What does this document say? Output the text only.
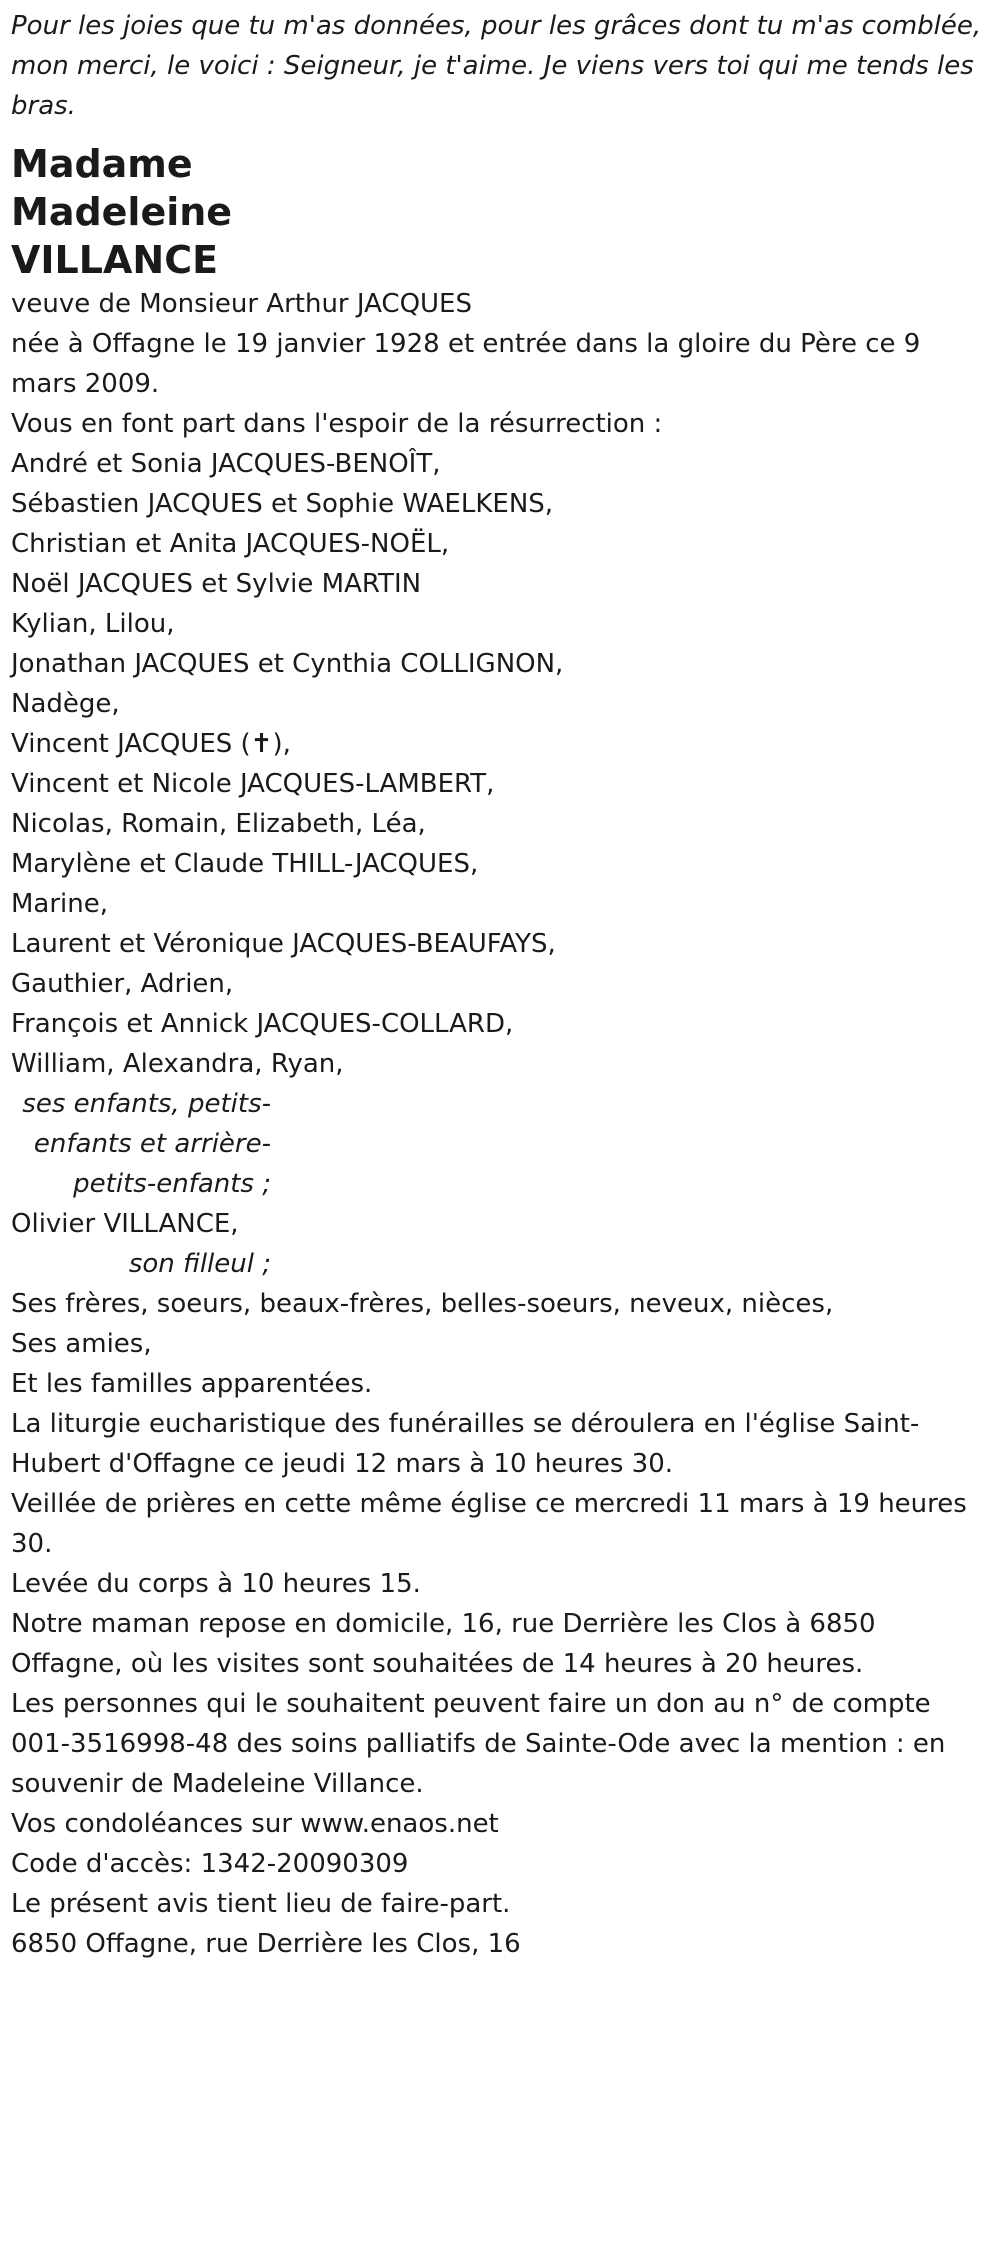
Pour les joies que tu m'as données, pour les grâces dont tu m'as comblée,

mon merci, le voici : Seigneur, je t'aime. Je viens vers toi qui me tends les bras.

Madame
Madeleine
VILLANCE

veuve de Monsieur Arthur JACQUES

née à Offagne le 19 janvier 1928 et entrée dans la gloire du Père ce 9 mars 2009.

Vous en font part dans l'espoir de la résurrection :

André et Sonia JACQUES-BENOÎT,
Sébastien JACQUES et Sophie WAELKENS,
Christian et Anita JACQUES-NOËL,
Noël JACQUES et Sylvie MARTIN
Kylian, Lilou,
Jonathan JACQUES et Cynthia COLLIGNON,
Nadège,
Vincent JACQUES (✝),
Vincent et Nicole JACQUES-LAMBERT,
Nicolas, Romain, Elizabeth, Léa,
Marylène et Claude THILL-JACQUES,
Marine,
Laurent et Véronique JACQUES-BEAUFAYS,
Gauthier, Adrien,
François et Annick JACQUES-COLLARD,
William, Alexandra, Ryan,

ses enfants, petits-enfants et arrière-petits-enfants ;

Olivier VILLANCE,

son filleul ;

Ses frères, soeurs, beaux-frères, belles-soeurs, neveux, nièces,
Ses amies,
Et les familles apparentées.

La liturgie eucharistique des funérailles se déroulera en l'église Saint-Hubert d'Offagne ce jeudi 12 mars à 10 heures 30.

Veillée de prières en cette même église ce mercredi 11 mars à 19 heures 30.

Levée du corps à 10 heures 15.

Notre maman repose en domicile, 16, rue Derrière les Clos à 6850 Offagne, où les visites sont souhaitées de 14 heures à 20 heures.

Les personnes qui le souhaitent peuvent faire un don au n° de compte 001-3516998-48 des soins palliatifs de Sainte-Ode avec la mention : en souvenir de Madeleine Villance.

Vos condoléances sur www.enaos.net

Code d'accès: 1342-20090309

Le présent avis tient lieu de faire-part.

6850 Offagne, rue Derrière les Clos, 16
